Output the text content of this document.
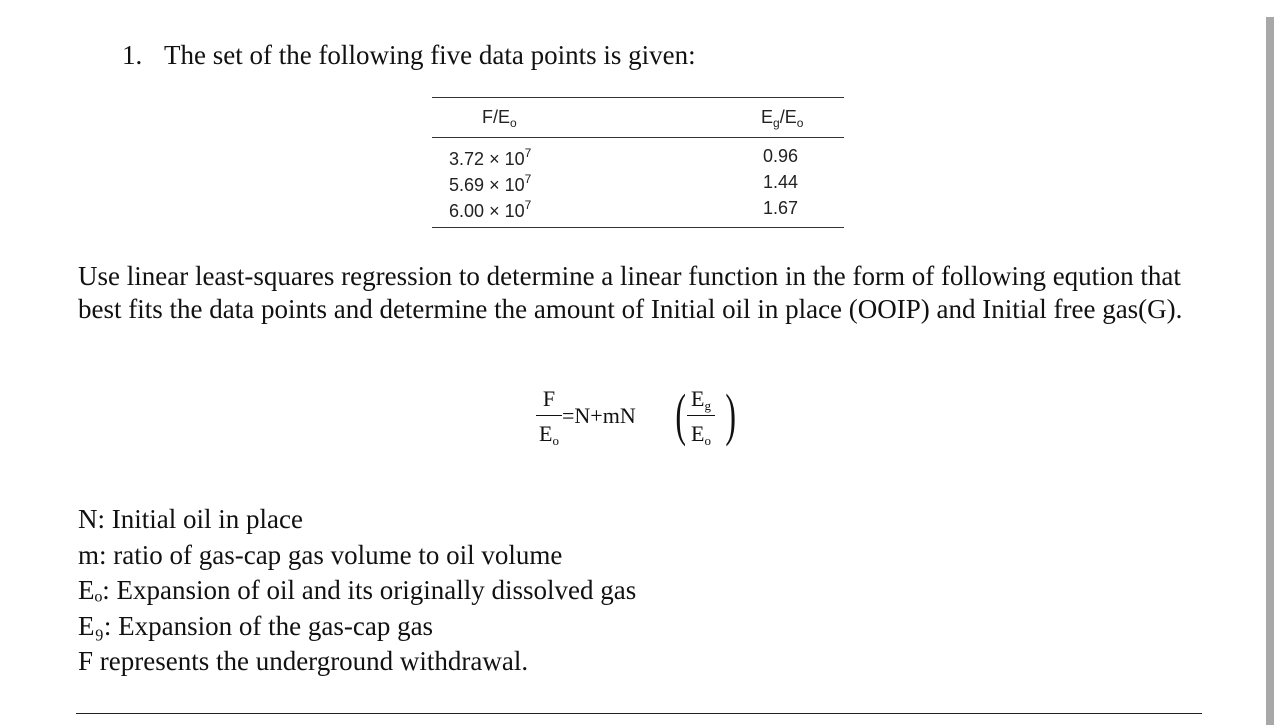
1. The set of the following five data points is given:
$F/E_o$	$E_g/E_o$
$3.72 \times 10^7$	0.96
$5.69 \times 10^7$	1.44
$6.00 \times 10^7$	1.67
Use linear least-squares regression to determine a linear function in the form of following eqution that best fits the data points and determine the amount of Initial oil in place (OOIP) and Initial free gas(G).
F
Eo
=N+mN ( Eg
Eo )
N: Initial oil in place
m: ratio of gas-cap gas volume to oil volume
Eₒ: Expansion of oil and its originally dissolved gas
E₉: Expansion of the gas-cap gas
F represents the underground withdrawal.
